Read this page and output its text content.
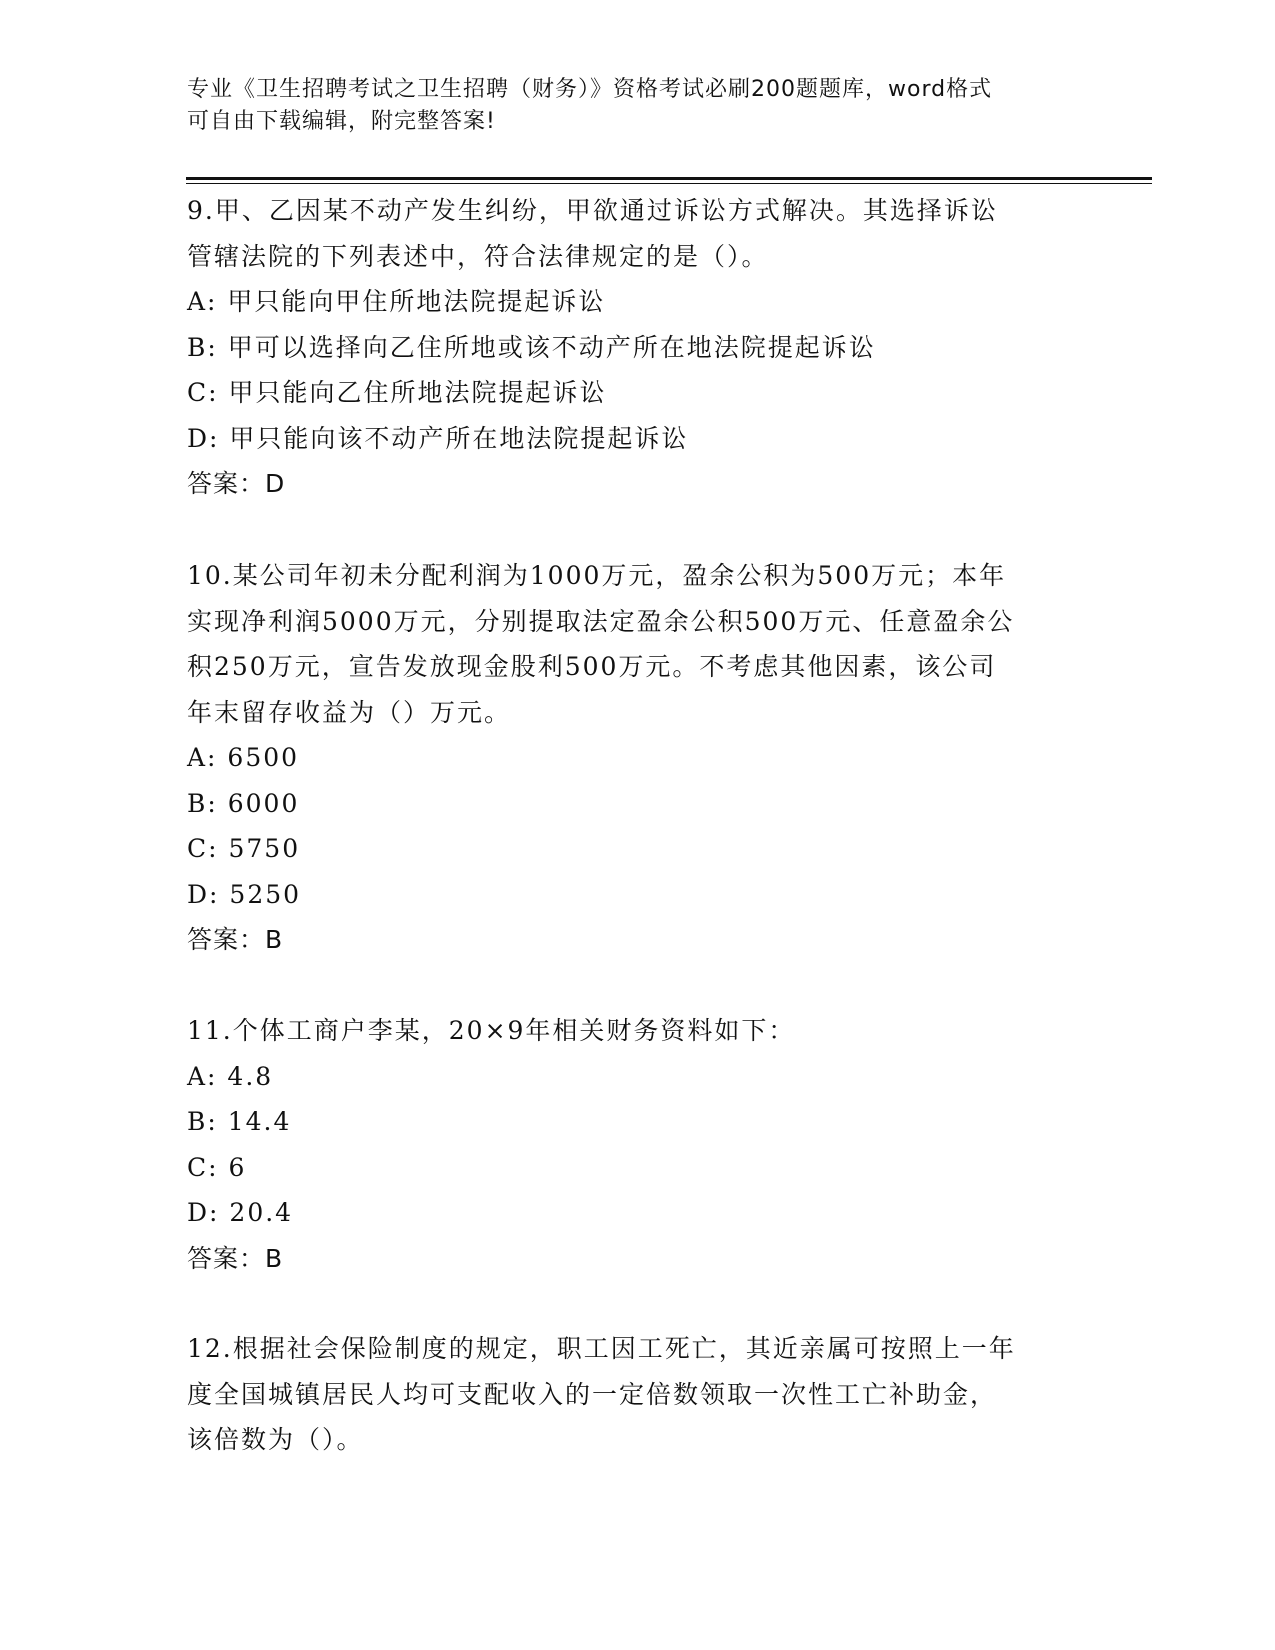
专业《卫生招聘考试之卫生招聘（财务）》资格考试必刷200题题库，word格式
可自由下载编辑，附完整答案!
9.甲、乙因某不动产发生纠纷，甲欲通过诉讼方式解决。其选择诉讼
管辖法院的下列表述中，符合法律规定的是（）。
A: 甲只能向甲住所地法院提起诉讼
B: 甲可以选择向乙住所地或该不动产所在地法院提起诉讼
C: 甲只能向乙住所地法院提起诉讼
D: 甲只能向该不动产所在地法院提起诉讼
答案：D
10.某公司年初未分配利润为1000万元，盈余公积为500万元；本年
实现净利润5000万元，分别提取法定盈余公积500万元、任意盈余公
积250万元，宣告发放现金股利500万元。不考虑其他因素，该公司
年末留存收益为（）万元。
A: 6500
B: 6000
C: 5750
D: 5250
答案：B
11.个体工商户李某，20×9年相关财务资料如下：
A: 4.8
B: 14.4
C: 6
D: 20.4
答案：B
12.根据社会保险制度的规定，职工因工死亡，其近亲属可按照上一年
度全国城镇居民人均可支配收入的一定倍数领取一次性工亡补助金，
该倍数为（）。
